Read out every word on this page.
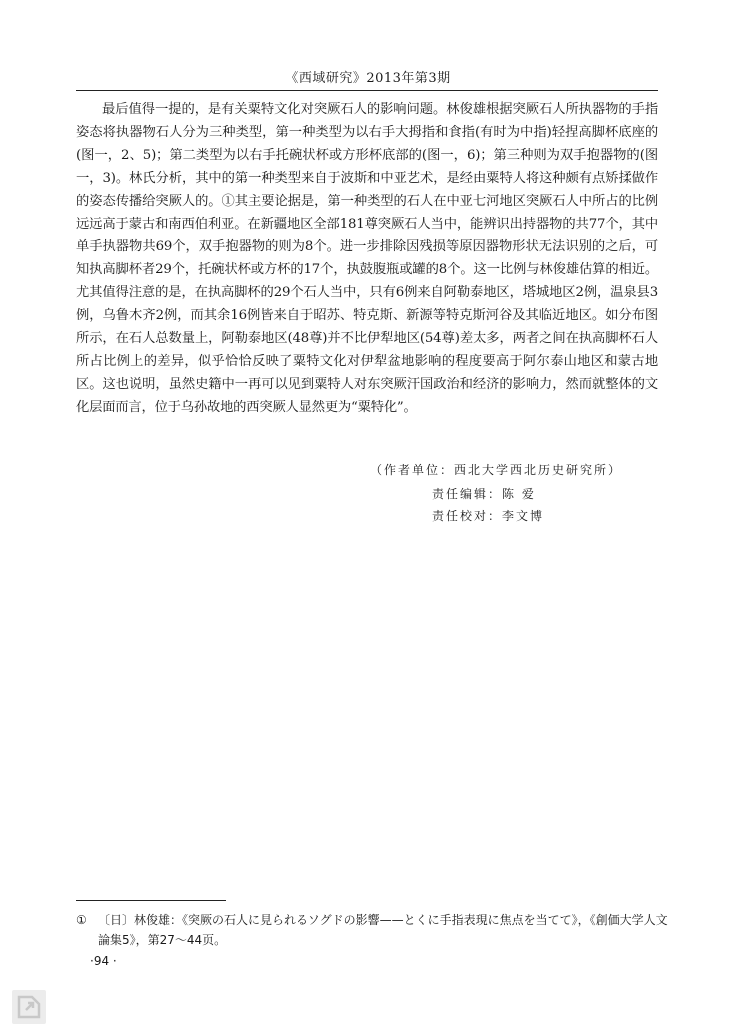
《西域研究》2013年第3期

最后值得一提的，是有关粟特文化对突厥石人的影响问题。林俊雄根据突厥石人所执器物的手指姿态将执器物石人分为三种类型，第一种类型为以右手大拇指和食指(有时为中指)轻捏高脚杯底座的(图一，2、5)；第二类型为以右手托碗状杯或方形杯底部的(图一，6)；第三种则为双手抱器物的(图一，3)。林氏分析，其中的第一种类型来自于波斯和中亚艺术，是经由粟特人将这种颇有点矫揉做作的姿态传播给突厥人的。①其主要论据是，第一种类型的石人在中亚七河地区突厥石人中所占的比例远远高于蒙古和南西伯利亚。在新疆地区全部181尊突厥石人当中，能辨识出持器物的共77个，其中单手执器物共69个，双手抱器物的则为8个。进一步排除因残损等原因器物形状无法识别的之后，可知执高脚杯者29个，托碗状杯或方杯的17个，执鼓腹瓶或罐的8个。这一比例与林俊雄估算的相近。尤其值得注意的是，在执高脚杯的29个石人当中，只有6例来自阿勒泰地区，塔城地区2例，温泉县3例，乌鲁木齐2例，而其余16例皆来自于昭苏、特克斯、新源等特克斯河谷及其临近地区。如分布图所示，在石人总数量上，阿勒泰地区(48尊)并不比伊犁地区(54尊)差太多，两者之间在执高脚杯石人所占比例上的差异，似乎恰恰反映了粟特文化对伊犁盆地影响的程度要高于阿尔泰山地区和蒙古地区。这也说明，虽然史籍中一再可以见到粟特人对东突厥汗国政治和经济的影响力，然而就整体的文化层面而言，位于乌孙故地的西突厥人显然更为“粟特化”。

（作者单位：西北大学西北历史研究所）
责任编辑：陈 爱
责任校对：李文博
① 〔日〕林俊雄：《突厥の石人に見られるソグドの影響——とくに手指表現に焦点を当てて》，《創価大学人文論集5》，第27～44页。
·94 ·
